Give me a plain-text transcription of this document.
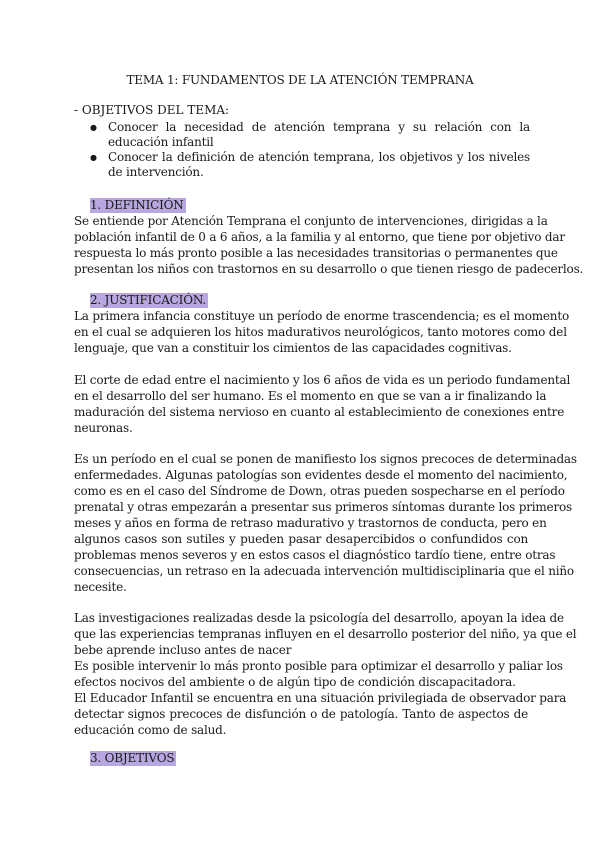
TEMA 1: FUNDAMENTOS DE LA ATENCIÓN TEMPRANA
- OBJETIVOS DEL TEMA:
● Conocer la necesidad de atención temprana y su relación con la educación infantil
● Conocer la definición de atención temprana, los objetivos y los niveles de intervención.
1. DEFINICIÓN
Se entiende por Atención Temprana el conjunto de intervenciones, dirigidas a la
población infantil de 0 a 6 años, a la familia y al entorno, que tiene por objetivo dar
respuesta lo más pronto posible a las necesidades transitorias o permanentes que
presentan los niños con trastornos en su desarrollo o que tienen riesgo de padecerlos.
2. JUSTIFICACIÓN.
La primera infancia constituye un período de enorme trascendencia; es el momento
en el cual se adquieren los hitos madurativos neurológicos, tanto motores como del
lenguaje, que van a constituir los cimientos de las capacidades cognitivas.
El corte de edad entre el nacimiento y los 6 años de vida es un periodo fundamental
en el desarrollo del ser humano. Es el momento en que se van a ir finalizando la
maduración del sistema nervioso en cuanto al establecimiento de conexiones entre
neuronas.
Es un período en el cual se ponen de manifiesto los signos precoces de determinadas
enfermedades. Algunas patologías son evidentes desde el momento del nacimiento,
como es en el caso del Síndrome de Down, otras pueden sospecharse en el período
prenatal y otras empezarán a presentar sus primeros síntomas durante los primeros
meses y años en forma de retraso madurativo y trastornos de conducta, pero en
algunos casos son sutiles y pueden pasar desapercibidos o confundidos con
problemas menos severos y en estos casos el diagnóstico tardío tiene, entre otras
consecuencias, un retraso en la adecuada intervención multidisciplinaria que el niño
necesite.
Las investigaciones realizadas desde la psicología del desarrollo, apoyan la idea de
que las experiencias tempranas influyen en el desarrollo posterior del niño, ya que el
bebe aprende incluso antes de nacer
Es posible intervenir lo más pronto posible para optimizar el desarrollo y paliar los
efectos nocivos del ambiente o de algún tipo de condición discapacitadora.
El Educador Infantil se encuentra en una situación privilegiada de observador para
detectar signos precoces de disfunción o de patología. Tanto de aspectos de
educación como de salud.
3. OBJETIVOS
